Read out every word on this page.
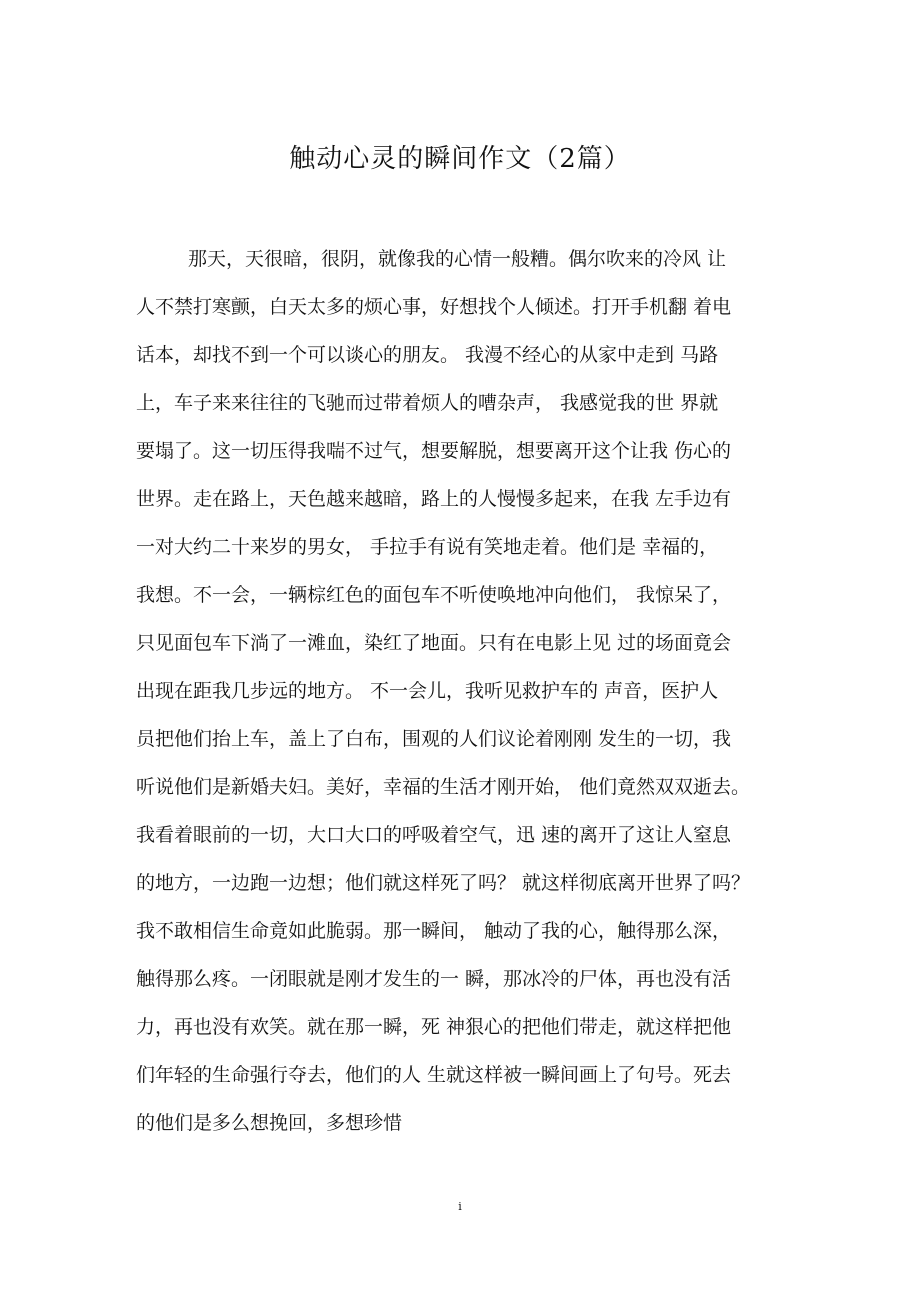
触动心灵的瞬间作文（2篇）
那天，天很暗，很阴，就像我的心情一般糟。偶尔吹来的冷风 让
人不禁打寒颤，白天太多的烦心事，好想找个人倾述。打开手机翻 着电
话本，却找不到一个可以谈心的朋友。 我漫不经心的从家中走到 马路
上，车子来来往往的飞驰而过带着烦人的嘈杂声， 我感觉我的世 界就
要塌了。这一切压得我喘不过气，想要解脱，想要离开这个让我 伤心的
世界。走在路上，天色越来越暗，路上的人慢慢多起来，在我 左手边有
一对大约二十来岁的男女， 手拉手有说有笑地走着。他们是 幸福的，
我想。不一会，一辆棕红色的面包车不听使唤地冲向他们， 我惊呆了，
只见面包车下淌了一滩血，染红了地面。只有在电影上见 过的场面竟会
出现在距我几步远的地方。 不一会儿，我听见救护车的 声音，医护人
员把他们抬上车，盖上了白布，围观的人们议论着刚刚 发生的一切，我
听说他们是新婚夫妇。美好，幸福的生活才刚开始， 他们竟然双双逝去。
我看着眼前的一切，大口大口的呼吸着空气，迅 速的离开了这让人窒息
的地方，一边跑一边想；他们就这样死了吗？ 就这样彻底离开世界了吗？
我不敢相信生命竟如此脆弱。那一瞬间， 触动了我的心，触得那么深，
触得那么疼。一闭眼就是刚才发生的一 瞬，那冰冷的尸体，再也没有活
力，再也没有欢笑。就在那一瞬，死 神狠心的把他们带走，就这样把他
们年轻的生命强行夺去，他们的人 生就这样被一瞬间画上了句号。死去
的他们是多么想挽回，多想珍惜
i
